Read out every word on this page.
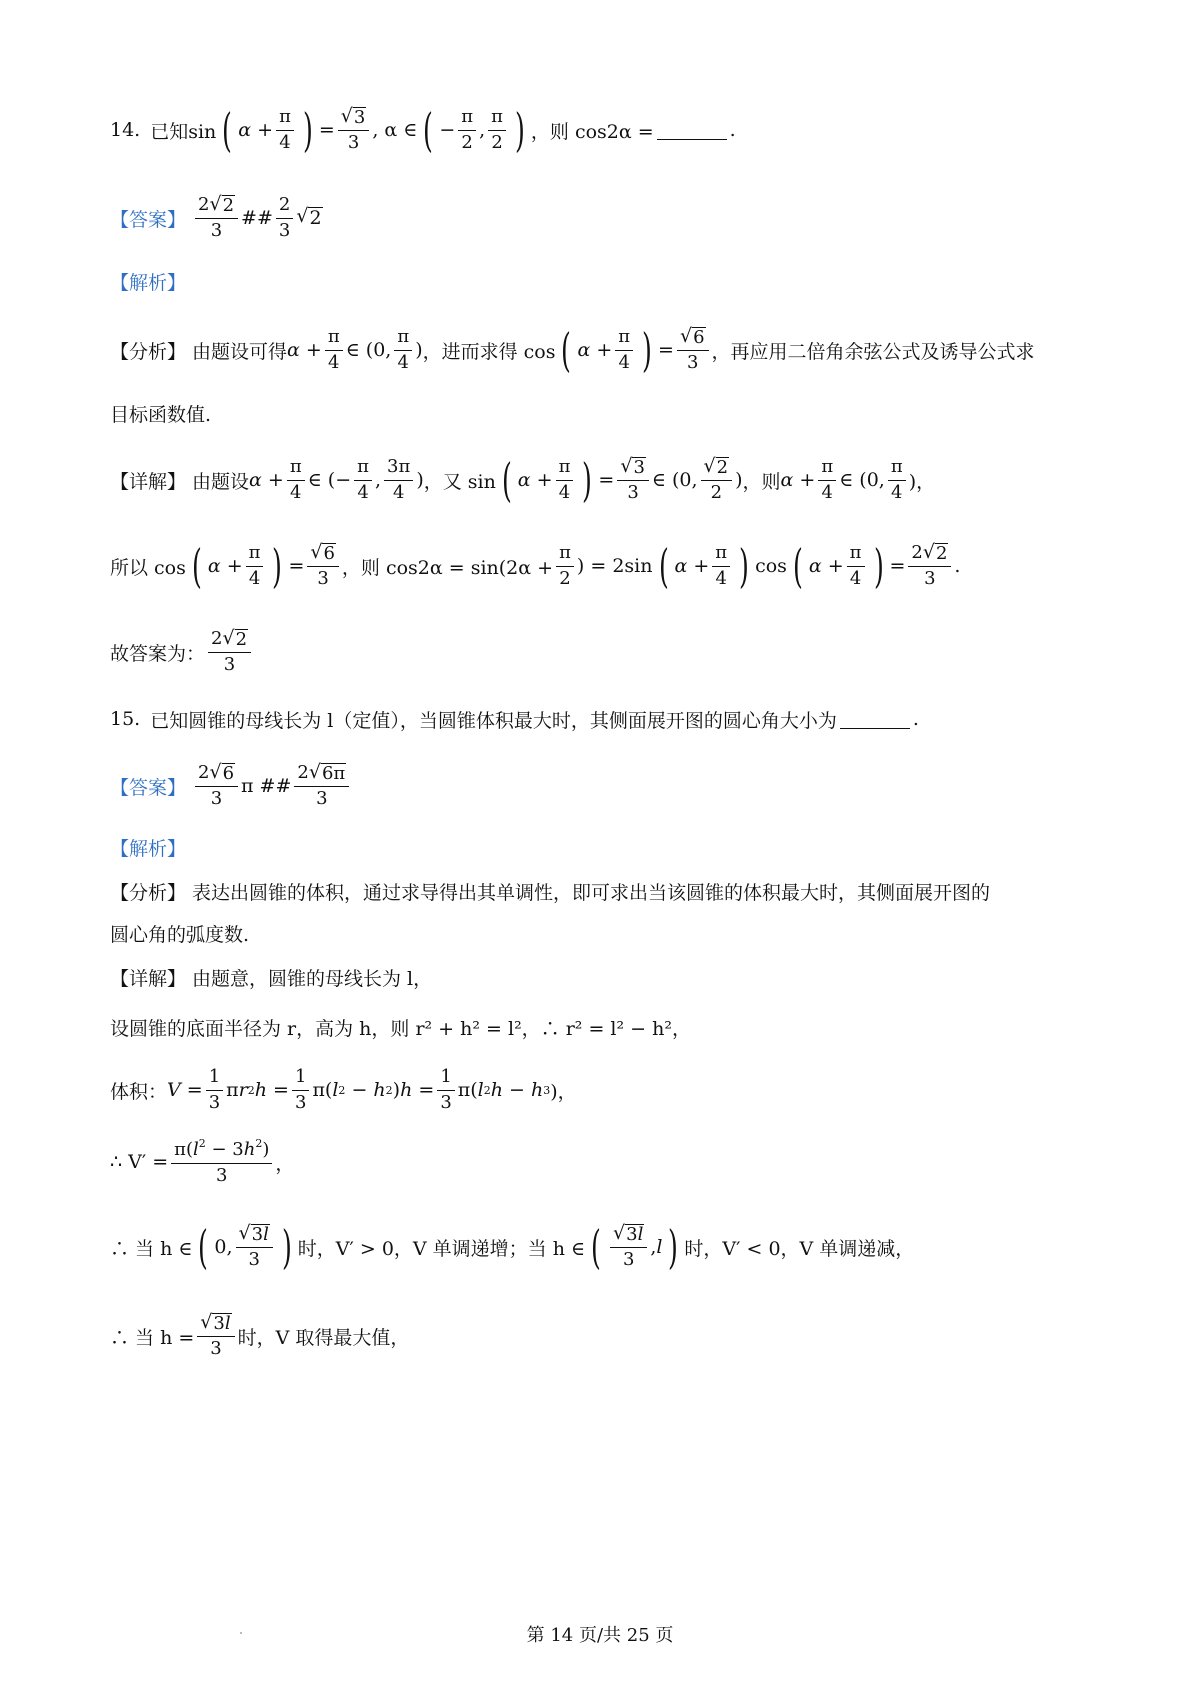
14. 已知sin ( $\alpha + \frac{\pi}{4}$ ) = $\frac{√ 3}{3}$ , α ∈ ( − $\frac{\pi}{2}$ , $\frac{\pi}{2}$ ) ，则 cos2α =	.
【答案】 $\frac{2 √ 2}{3}$ ## $\frac{2}{3}$ √ 2
【解析】
【分析】 由题设可得 $\alpha + \frac{\pi}{4}$ ∈ (0, $\frac{\pi}{4}$ ) ，进而求得 cos ( $\alpha + \frac{\pi}{4}$ ) = $\frac{√ 6}{3}$ ，再应用二倍角余弦公式及诱导公式求
目标函数值.
【详解】 由题设 $\alpha + \frac{\pi}{4}$ ∈ (− $\frac{\pi}{4}$ , $\frac{3\pi}{4}$ ) ，又 sin ( $\alpha + \frac{\pi}{4}$ ) = $\frac{√ 3}{3}$ ∈ (0, $\frac{√ 2}{2}$ ) ，则 $\alpha + \frac{\pi}{4}$ ∈ (0, $\frac{\pi}{4}$ )，
所以 cos ( $\alpha + \frac{\pi}{4}$ ) = $\frac{√ 6}{3}$ ，则 $\cos 2\alpha = \sin(2\alpha + \frac{\pi}{2}$ ) = 2sin ( $\alpha + \frac{\pi}{4}$ ) cos ( $\alpha + \frac{\pi}{4}$ ) = $\frac{2 √ 2}{3}$ .
故答案为： $\frac{2 √ 2}{3}$
15. 已知圆锥的母线长为 l（定值），当圆锥体积最大时，其侧面展开图的圆心角大小为	.
【答案】 $\frac{2 √ 6}{3}$ π ## $\frac{2 √ 6\pi}{3}$
【解析】
【分析】 表达出圆锥的体积，通过求导得出其单调性，即可求出当该圆锥的体积最大时，其侧面展开图的
圆心角的弧度数.
【详解】 由题意，圆锥的母线长为 l，
设圆锥的底面半径为 r，高为 h，则 r² + h² = l²，∴ r² = l² − h²，
体积： $V = \frac{1}{3}$ π r 2 $h = \frac{1}{3} \pi$( l 2 − h 2 ) $h = \frac{1}{3} \pi$( l 2 h − h 3 )，
∴ $V' = \frac{\pi(l^2 - 3h^2)}{3}$ ，
∴ 当 h ∈ ( 0, $\frac{√ 3l}{3}$ ) 时，V′ > 0，V 单调递增；当 h ∈ ( $\frac{√ 3l}{3}$ , l ) 时，V′ < 0，V 单调递减，
∴ 当 $h = \frac{√ 3l}{3}$ 时，V 取得最大值，
第 14 页/共 25 页
